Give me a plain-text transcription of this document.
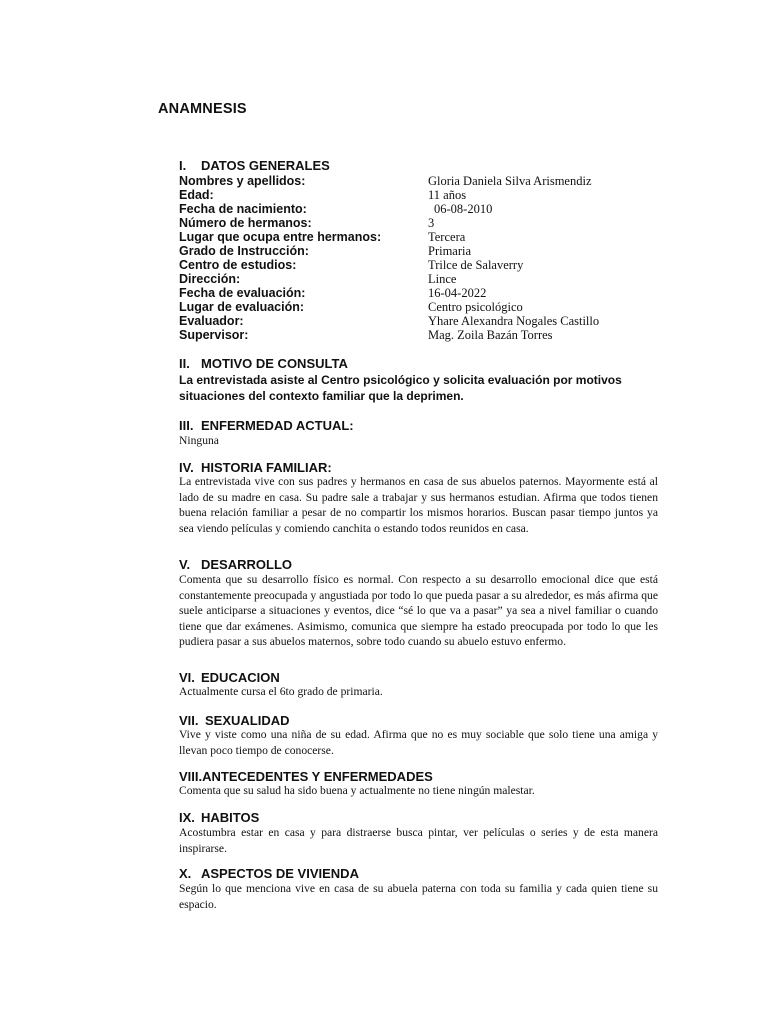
ANAMNESIS
I. DATOS GENERALES
Nombres y apellidos:	Gloria Daniela Silva Arismendiz
Edad:	11 años
Fecha de nacimiento:	06-08-2010
Número de hermanos:	3
Lugar que ocupa entre hermanos:	Tercera
Grado de Instrucción:	Primaria
Centro de estudios:	Trilce de Salaverry
Dirección:	Lince
Fecha de evaluación:	16-04-2022
Lugar de evaluación:	Centro psicológico
Evaluador:	Yhare Alexandra Nogales Castillo
Supervisor:	Mag. Zoila Bazán Torres
II. MOTIVO DE CONSULTA
La entrevistada asiste al Centro psicológico y solicita evaluación por motivos situaciones del contexto familiar que la deprimen.
III. ENFERMEDAD ACTUAL:
Ninguna
IV. HISTORIA FAMILIAR:
La entrevistada vive con sus padres y hermanos en casa de sus abuelos paternos. Mayormente está al lado de su madre en casa. Su padre sale a trabajar y sus hermanos estudian. Afirma que todos tienen buena relación familiar a pesar de no compartir los mismos horarios. Buscan pasar tiempo juntos ya sea viendo películas y comiendo canchita o estando todos reunidos en casa.
V. DESARROLLO
Comenta que su desarrollo físico es normal. Con respecto a su desarrollo emocional dice que está constantemente preocupada y angustiada por todo lo que pueda pasar a su alrededor, es más afirma que suele anticiparse a situaciones y eventos, dice “sé lo que va a pasar” ya sea a nivel familiar o cuando tiene que dar exámenes. Asimismo, comunica que siempre ha estado preocupada por todo lo que les pudiera pasar a sus abuelos maternos, sobre todo cuando su abuelo estuvo enfermo.
VI. EDUCACION
Actualmente cursa el 6to grado de primaria.
VII. SEXUALIDAD
Vive y viste como una niña de su edad. Afirma que no es muy sociable que solo tiene una amiga y llevan poco tiempo de conocerse.
VIII.ANTECEDENTES Y ENFERMEDADES
Comenta que su salud ha sido buena y actualmente no tiene ningún malestar.
IX. HABITOS
Acostumbra estar en casa y para distraerse busca pintar, ver películas o series y de esta manera inspirarse.
X. ASPECTOS DE VIVIENDA
Según lo que menciona vive en casa de su abuela paterna con toda su familia y cada quien tiene su espacio.
